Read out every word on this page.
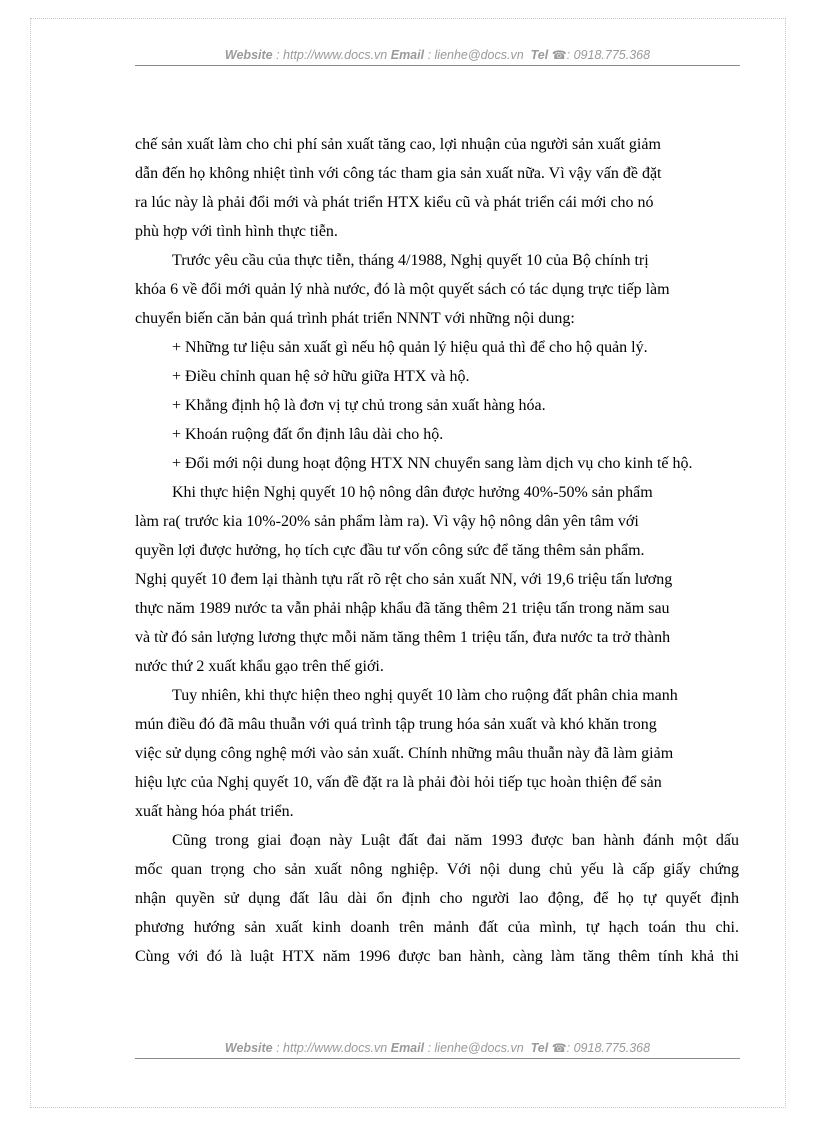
Website : http://www.docs.vn Email : lienhe@docs.vn Tel ☎: 0918.775.368

chế sản xuất làm cho chi phí sản xuất tăng cao, lợi nhuận của người sản xuất giảm
dẫn đến họ không nhiệt tình với công tác tham gia sản xuất nữa. Vì vậy vấn đề đặt
ra lúc này là phải đổi mới và phát triển HTX kiểu cũ và phát triển cái mới cho nó
phù hợp với tình hình thực tiễn.

Trước yêu cầu của thực tiễn, tháng 4/1988, Nghị quyết 10 của Bộ chính trị
khóa 6 về đổi mới quản lý nhà nước, đó là một quyết sách có tác dụng trực tiếp làm
chuyển biến căn bản quá trình phát triển NNNT với những nội dung:

+ Những tư liệu sản xuất gì nếu hộ quản lý hiệu quả thì để cho hộ quản lý.

+ Điều chỉnh quan hệ sở hữu giữa HTX và hộ.

+ Khẳng định hộ là đơn vị tự chủ trong sản xuất hàng hóa.

+ Khoán ruộng đất ổn định lâu dài cho hộ.

+ Đổi mới nội dung hoạt động HTX NN chuyển sang làm dịch vụ cho kinh tế hộ.

Khi thực hiện Nghị quyết 10 hộ nông dân được hưởng 40%-50% sản phẩm
làm ra( trước kia 10%-20% sản phẩm làm ra). Vì vậy hộ nông dân yên tâm với
quyền lợi được hưởng, họ tích cực đầu tư vốn công sức để tăng thêm sản phẩm.
Nghị quyết 10 đem lại thành tựu rất rõ rệt cho sản xuất NN, với 19,6 triệu tấn lương
thực năm 1989 nước ta vẫn phải nhập khẩu đã tăng thêm 21 triệu tấn trong năm sau
và từ đó sản lượng lương thực mỗi năm tăng thêm 1 triệu tấn, đưa nước ta trở thành
nước thứ 2 xuất khẩu gạo trên thế giới.

Tuy nhiên, khi thực hiện theo nghị quyết 10 làm cho ruộng đất phân chia manh
mún điều đó đã mâu thuẫn với quá trình tập trung hóa sản xuất và khó khăn trong
việc sử dụng công nghệ mới vào sản xuất. Chính những mâu thuẫn này đã làm giảm
hiệu lực của Nghị quyết 10, vấn đề đặt ra là phải đòi hỏi tiếp tục hoàn thiện để sản
xuất hàng hóa phát triển.

Cũng trong giai đoạn này Luật đất đai năm 1993 được ban hành đánh một dấu
mốc quan trọng cho sản xuất nông nghiệp. Với nội dung chủ yếu là cấp giấy chứng
nhận quyền sử dụng đất lâu dài ổn định cho người lao động, để họ tự quyết định
phương hướng sản xuất kinh doanh trên mảnh đất của mình, tự hạch toán thu chi.
Cùng với đó là luật HTX năm 1996 được ban hành, càng làm tăng thêm tính khả thi

Website : http://www.docs.vn Email : lienhe@docs.vn Tel ☎: 0918.775.368
